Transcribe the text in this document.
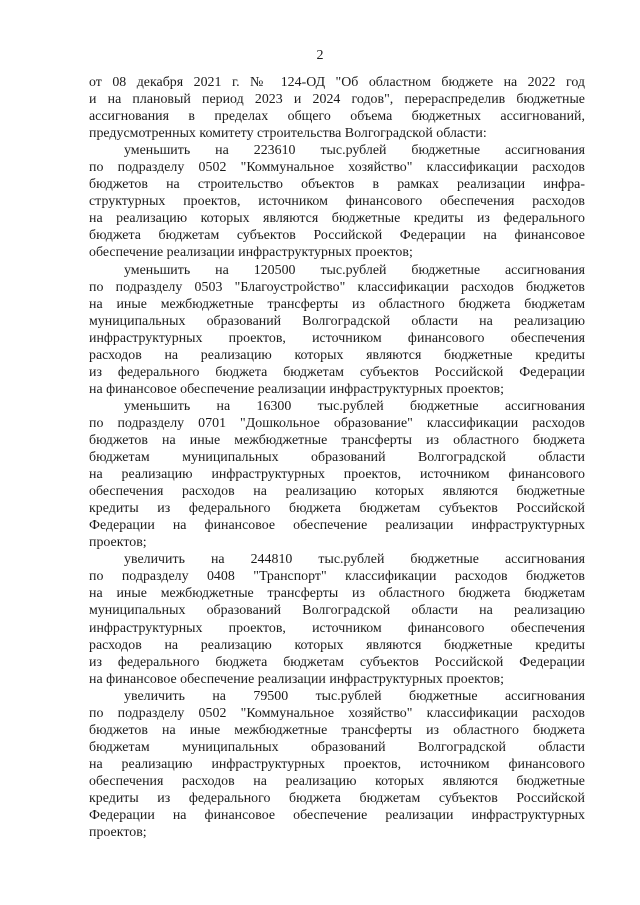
2
от 08 декабря 2021 г. № 124-ОД "Об областном бюджете на 2022 год
и на плановый период 2023 и 2024 годов", перераспределив бюджетные
ассигнования в пределах общего объема бюджетных ассигнований,
предусмотренных комитету строительства Волгоградской области:
уменьшить на 223610 тыс.рублей бюджетные ассигнования
по подразделу 0502 "Коммунальное хозяйство" классификации расходов
бюджетов на строительство объектов в рамках реализации инфра-
структурных проектов, источником финансового обеспечения расходов
на реализацию которых являются бюджетные кредиты из федерального
бюджета бюджетам субъектов Российской Федерации на финансовое
обеспечение реализации инфраструктурных проектов;
уменьшить на 120500 тыс.рублей бюджетные ассигнования
по подразделу 0503 "Благоустройство" классификации расходов бюджетов
на иные межбюджетные трансферты из областного бюджета бюджетам
муниципальных образований Волгоградской области на реализацию
инфраструктурных проектов, источником финансового обеспечения
расходов на реализацию которых являются бюджетные кредиты
из федерального бюджета бюджетам субъектов Российской Федерации
на финансовое обеспечение реализации инфраструктурных проектов;
уменьшить на 16300 тыс.рублей бюджетные ассигнования
по подразделу 0701 "Дошкольное образование" классификации расходов
бюджетов на иные межбюджетные трансферты из областного бюджета
бюджетам муниципальных образований Волгоградской области
на реализацию инфраструктурных проектов, источником финансового
обеспечения расходов на реализацию которых являются бюджетные
кредиты из федерального бюджета бюджетам субъектов Российской
Федерации на финансовое обеспечение реализации инфраструктурных
проектов;
увеличить на 244810 тыс.рублей бюджетные ассигнования
по подразделу 0408 "Транспорт" классификации расходов бюджетов
на иные межбюджетные трансферты из областного бюджета бюджетам
муниципальных образований Волгоградской области на реализацию
инфраструктурных проектов, источником финансового обеспечения
расходов на реализацию которых являются бюджетные кредиты
из федерального бюджета бюджетам субъектов Российской Федерации
на финансовое обеспечение реализации инфраструктурных проектов;
увеличить на 79500 тыс.рублей бюджетные ассигнования
по подразделу 0502 "Коммунальное хозяйство" классификации расходов
бюджетов на иные межбюджетные трансферты из областного бюджета
бюджетам муниципальных образований Волгоградской области
на реализацию инфраструктурных проектов, источником финансового
обеспечения расходов на реализацию которых являются бюджетные
кредиты из федерального бюджета бюджетам субъектов Российской
Федерации на финансовое обеспечение реализации инфраструктурных
проектов;
